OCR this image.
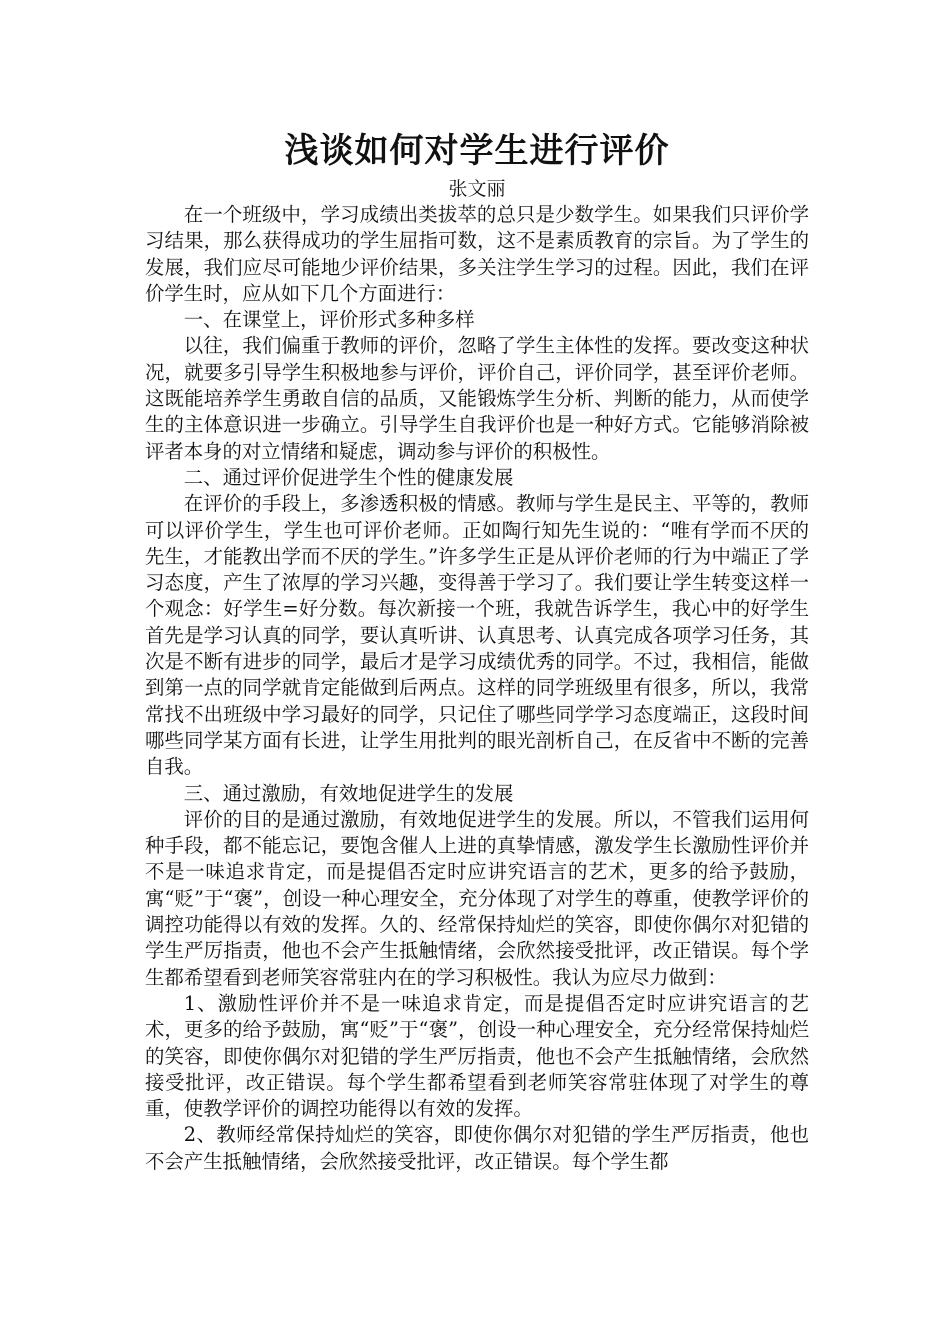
浅谈如何对学生进行评价

张文丽

在一个班级中，学习成绩出类拔萃的总只是少数学生。如果我们只评价学习结果，那么获得成功的学生屈指可数，这不是素质教育的宗旨。为了学生的发展，我们应尽可能地少评价结果，多关注学生学习的过程。因此，我们在评价学生时，应从如下几个方面进行：

一、在课堂上，评价形式多种多样

以往，我们偏重于教师的评价，忽略了学生主体性的发挥。要改变这种状况，就要多引导学生积极地参与评价，评价自己，评价同学，甚至评价老师。这既能培养学生勇敢自信的品质，又能锻炼学生分析、判断的能力，从而使学生的主体意识进一步确立。引导学生自我评价也是一种好方式。它能够消除被评者本身的对立情绪和疑虑，调动参与评价的积极性。

二、通过评价促进学生个性的健康发展

在评价的手段上，多渗透积极的情感。教师与学生是民主、平等的，教师可以评价学生，学生也可评价老师。正如陶行知先生说的：“唯有学而不厌的先生，才能教出学而不厌的学生。”许多学生正是从评价老师的行为中端正了学习态度，产生了浓厚的学习兴趣，变得善于学习了。我们要让学生转变这样一个观念：好学生=好分数。每次新接一个班，我就告诉学生，我心中的好学生首先是学习认真的同学，要认真听讲、认真思考、认真完成各项学习任务，其次是不断有进步的同学，最后才是学习成绩优秀的同学。不过，我相信，能做到第一点的同学就肯定能做到后两点。这样的同学班级里有很多，所以，我常常找不出班级中学习最好的同学，只记住了哪些同学学习态度端正，这段时间哪些同学某方面有长进，让学生用批判的眼光剖析自己，在反省中不断的完善自我。

三、通过激励，有效地促进学生的发展

评价的目的是通过激励，有效地促进学生的发展。所以，不管我们运用何种手段，都不能忘记，要饱含催人上进的真挚情感，激发学生长激励性评价并不是一味追求肯定，而是提倡否定时应讲究语言的艺术，更多的给予鼓励，寓“贬”于“褒”，创设一种心理安全，充分体现了对学生的尊重，使教学评价的调控功能得以有效的发挥。久的、经常保持灿烂的笑容，即使你偶尔对犯错的学生严厉指责，他也不会产生抵触情绪，会欣然接受批评，改正错误。每个学生都希望看到老师笑容常驻内在的学习积极性。我认为应尽力做到：

1、激励性评价并不是一味追求肯定，而是提倡否定时应讲究语言的艺术，更多的给予鼓励，寓“贬”于“褒”，创设一种心理安全，充分经常保持灿烂的笑容，即使你偶尔对犯错的学生严厉指责，他也不会产生抵触情绪，会欣然接受批评，改正错误。每个学生都希望看到老师笑容常驻体现了对学生的尊重，使教学评价的调控功能得以有效的发挥。

2、教师经常保持灿烂的笑容，即使你偶尔对犯错的学生严厉指责，他也不会产生抵触情绪，会欣然接受批评，改正错误。每个学生都
